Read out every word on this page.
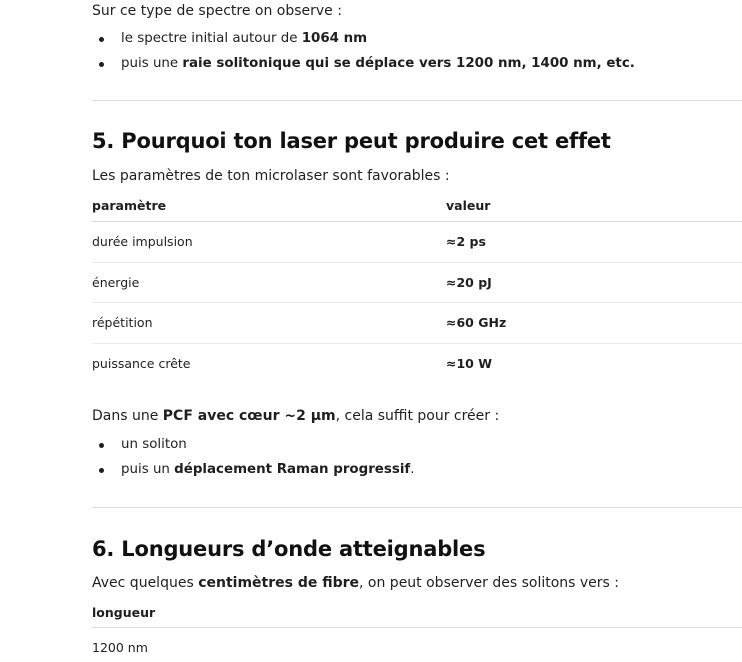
Sur ce type de spectre on observe :

le spectre initial autour de 1064 nm

puis une raie solitonique qui se déplace vers 1200 nm, 1400 nm, etc.

5. Pourquoi ton laser peut produire cet effet

Les paramètres de ton microlaser sont favorables :

paramètre	valeur
durée impulsion	≈2 ps
énergie	≈20 pJ
répétition	≈60 GHz
puissance crête	≈10 W

Dans une PCF avec cœur ~2 µm, cela suffit pour créer :

un soliton

puis un déplacement Raman progressif.

6. Longueurs d’onde atteignables

Avec quelques centimètres de fibre, on peut observer des solitons vers :

longueur
1200 nm
